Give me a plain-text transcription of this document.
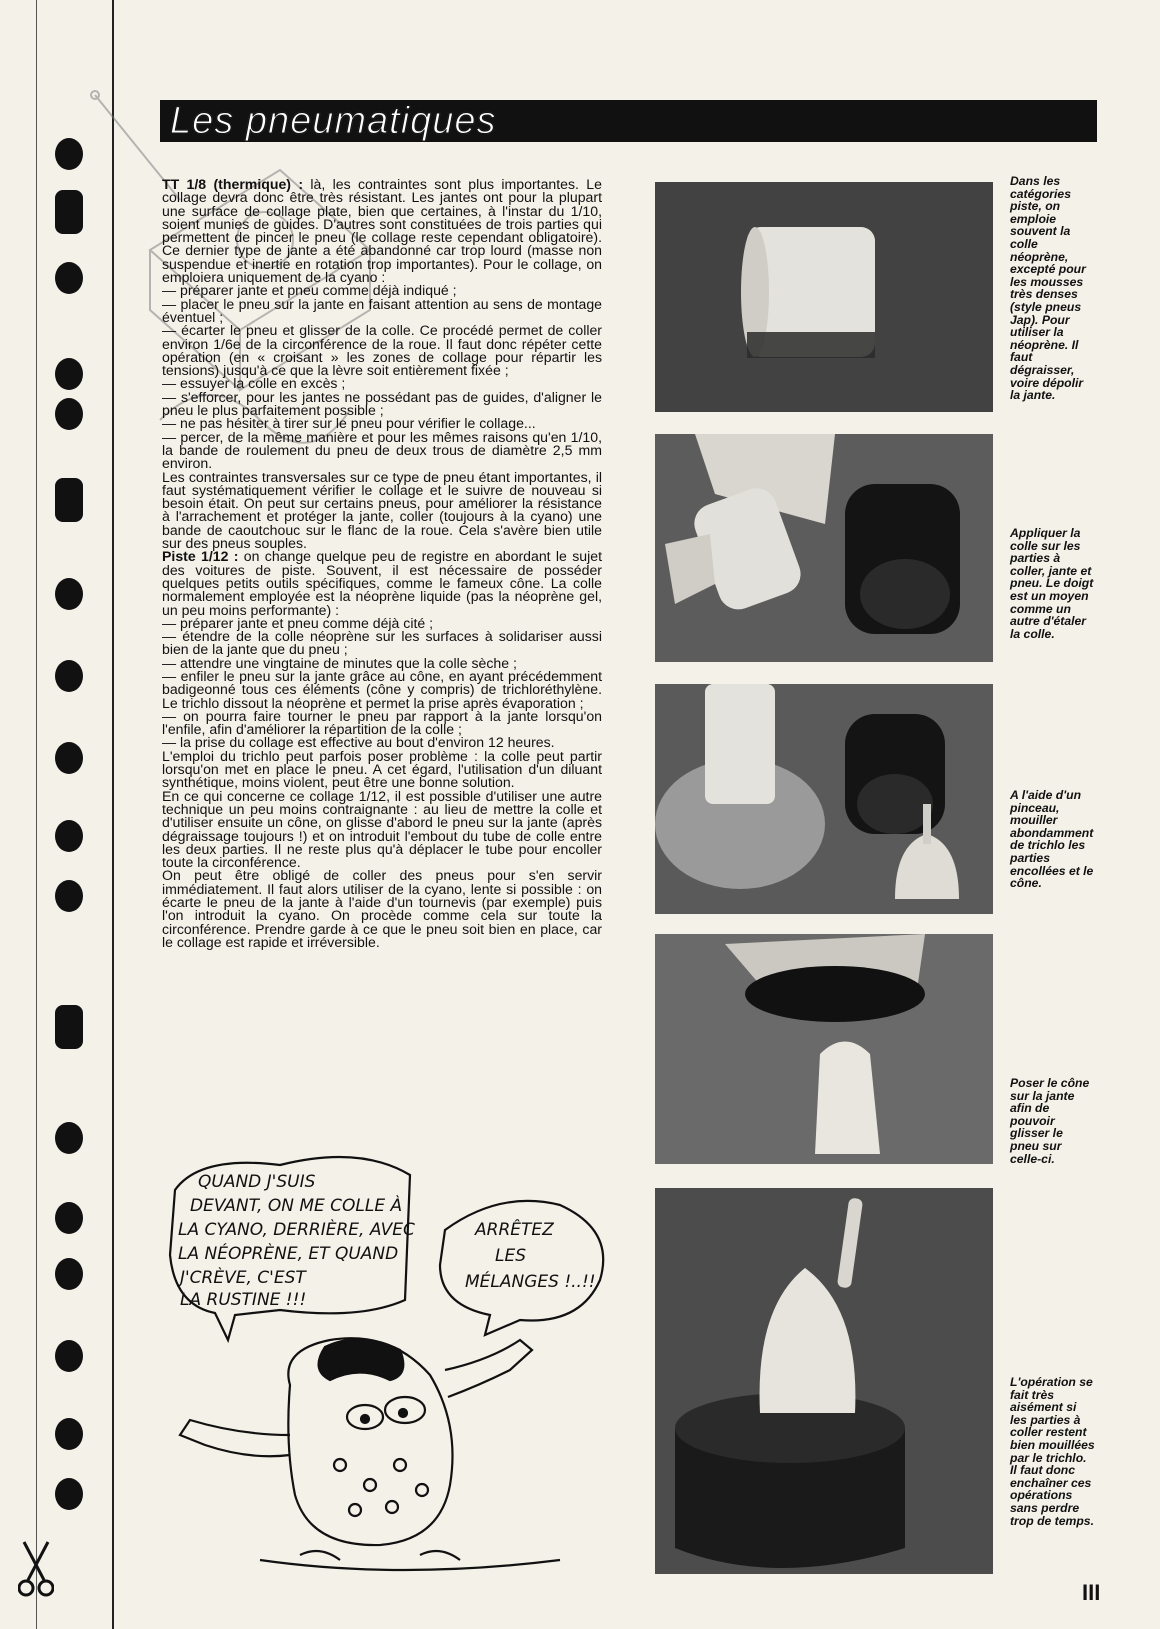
Les pneumatiques

TT 1/8 (thermique) : là, les contraintes sont plus importantes. Le collage devra donc être très résistant. Les jantes ont pour la plupart une surface de collage plate, bien que certaines, à l'instar du 1/10, soient munies de guides. D'autres sont constituées de trois parties qui permettent de pincer le pneu (le collage reste cependant obligatoire). Ce dernier type de jante a été abandonné car trop lourd (masse non suspendue et inertie en rotation trop importantes). Pour le collage, on emploiera uniquement de la cyano :

— préparer jante et pneu comme déjà indiqué ;

— placer le pneu sur la jante en faisant attention au sens de montage éventuel ;

— écarter le pneu et glisser de la colle. Ce procédé permet de coller environ 1/6e de la circonférence de la roue. Il faut donc répéter cette opération (en « croisant » les zones de collage pour répartir les tensions) jusqu'à ce que la lèvre soit entièrement fixée ;

— essuyer la colle en excès ;

— s'efforcer, pour les jantes ne possédant pas de guides, d'aligner le pneu le plus parfaitement possible ;

— ne pas hésiter à tirer sur le pneu pour vérifier le collage...

— percer, de la même manière et pour les mêmes raisons qu'en 1/10, la bande de roulement du pneu de deux trous de diamètre 2,5 mm environ.

Les contraintes transversales sur ce type de pneu étant importantes, il faut systématiquement vérifier le collage et le suivre de nouveau si besoin était. On peut sur certains pneus, pour améliorer la résistance à l'arrachement et protéger la jante, coller (toujours à la cyano) une bande de caoutchouc sur le flanc de la roue. Cela s'avère bien utile sur des pneus souples.

Piste 1/12 : on change quelque peu de registre en abordant le sujet des voitures de piste. Souvent, il est nécessaire de posséder quelques petits outils spécifiques, comme le fameux cône. La colle normalement employée est la néoprène liquide (pas la néoprène gel, un peu moins performante) :

— préparer jante et pneu comme déjà cité ;

— étendre de la colle néoprène sur les surfaces à solidariser aussi bien de la jante que du pneu ;

— attendre une vingtaine de minutes que la colle sèche ;

— enfiler le pneu sur la jante grâce au cône, en ayant précédemment badigeonné tous ces éléments (cône y compris) de trichloréthylène. Le trichlo dissout la néoprène et permet la prise après évaporation ;

— on pourra faire tourner le pneu par rapport à la jante lorsqu'on l'enfile, afin d'améliorer la répartition de la colle ;

— la prise du collage est effective au bout d'environ 12 heures.

L'emploi du trichlo peut parfois poser problème : la colle peut partir lorsqu'on met en place le pneu. A cet égard, l'utilisation d'un diluant synthétique, moins violent, peut être une bonne solution.

En ce qui concerne ce collage 1/12, il est possible d'utiliser une autre technique un peu moins contraignante : au lieu de mettre la colle et d'utiliser ensuite un cône, on glisse d'abord le pneu sur la jante (après dégraissage toujours !) et on introduit l'embout du tube de colle entre les deux parties. Il ne reste plus qu'à déplacer le tube pour encoller toute la circonférence.

On peut être obligé de coller des pneus pour s'en servir immédiatement. Il faut alors utiliser de la cyano, lente si possible : on écarte le pneu de la jante à l'aide d'un tournevis (par exemple) puis l'on introduit la cyano. On procède comme cela sur toute la circonférence. Prendre garde à ce que le pneu soit bien en place, car le collage est rapide et irréversible.

Dans les catégories piste, on emploie souvent la colle néoprène, excepté pour les mousses très denses (style pneus Jap). Pour utiliser la néoprène. Il faut dégraisser, voire dépolir la jante.
Appliquer la colle sur les parties à coller, jante et pneu. Le doigt est un moyen comme un autre d'étaler la colle.
A l'aide d'un pinceau, mouiller abondamment de trichlo les parties encollées et le cône.
Poser le cône sur la jante afin de pouvoir glisser le pneu sur celle-ci.
L'opération se fait très aisément si les parties à coller restent bien mouillées par le trichlo. Il faut donc enchaîner ces opérations sans perdre trop de temps.
QUAND J'SUIS
DEVANT, ON ME COLLE À
LA CYANO, DERRIÈRE, AVEC
LA NÉOPRÈNE, ET QUAND
J'CRÈVE, C'EST
LA RUSTINE !!!
ARRÊTEZ
LES
MÉLANGES !..!!
III
